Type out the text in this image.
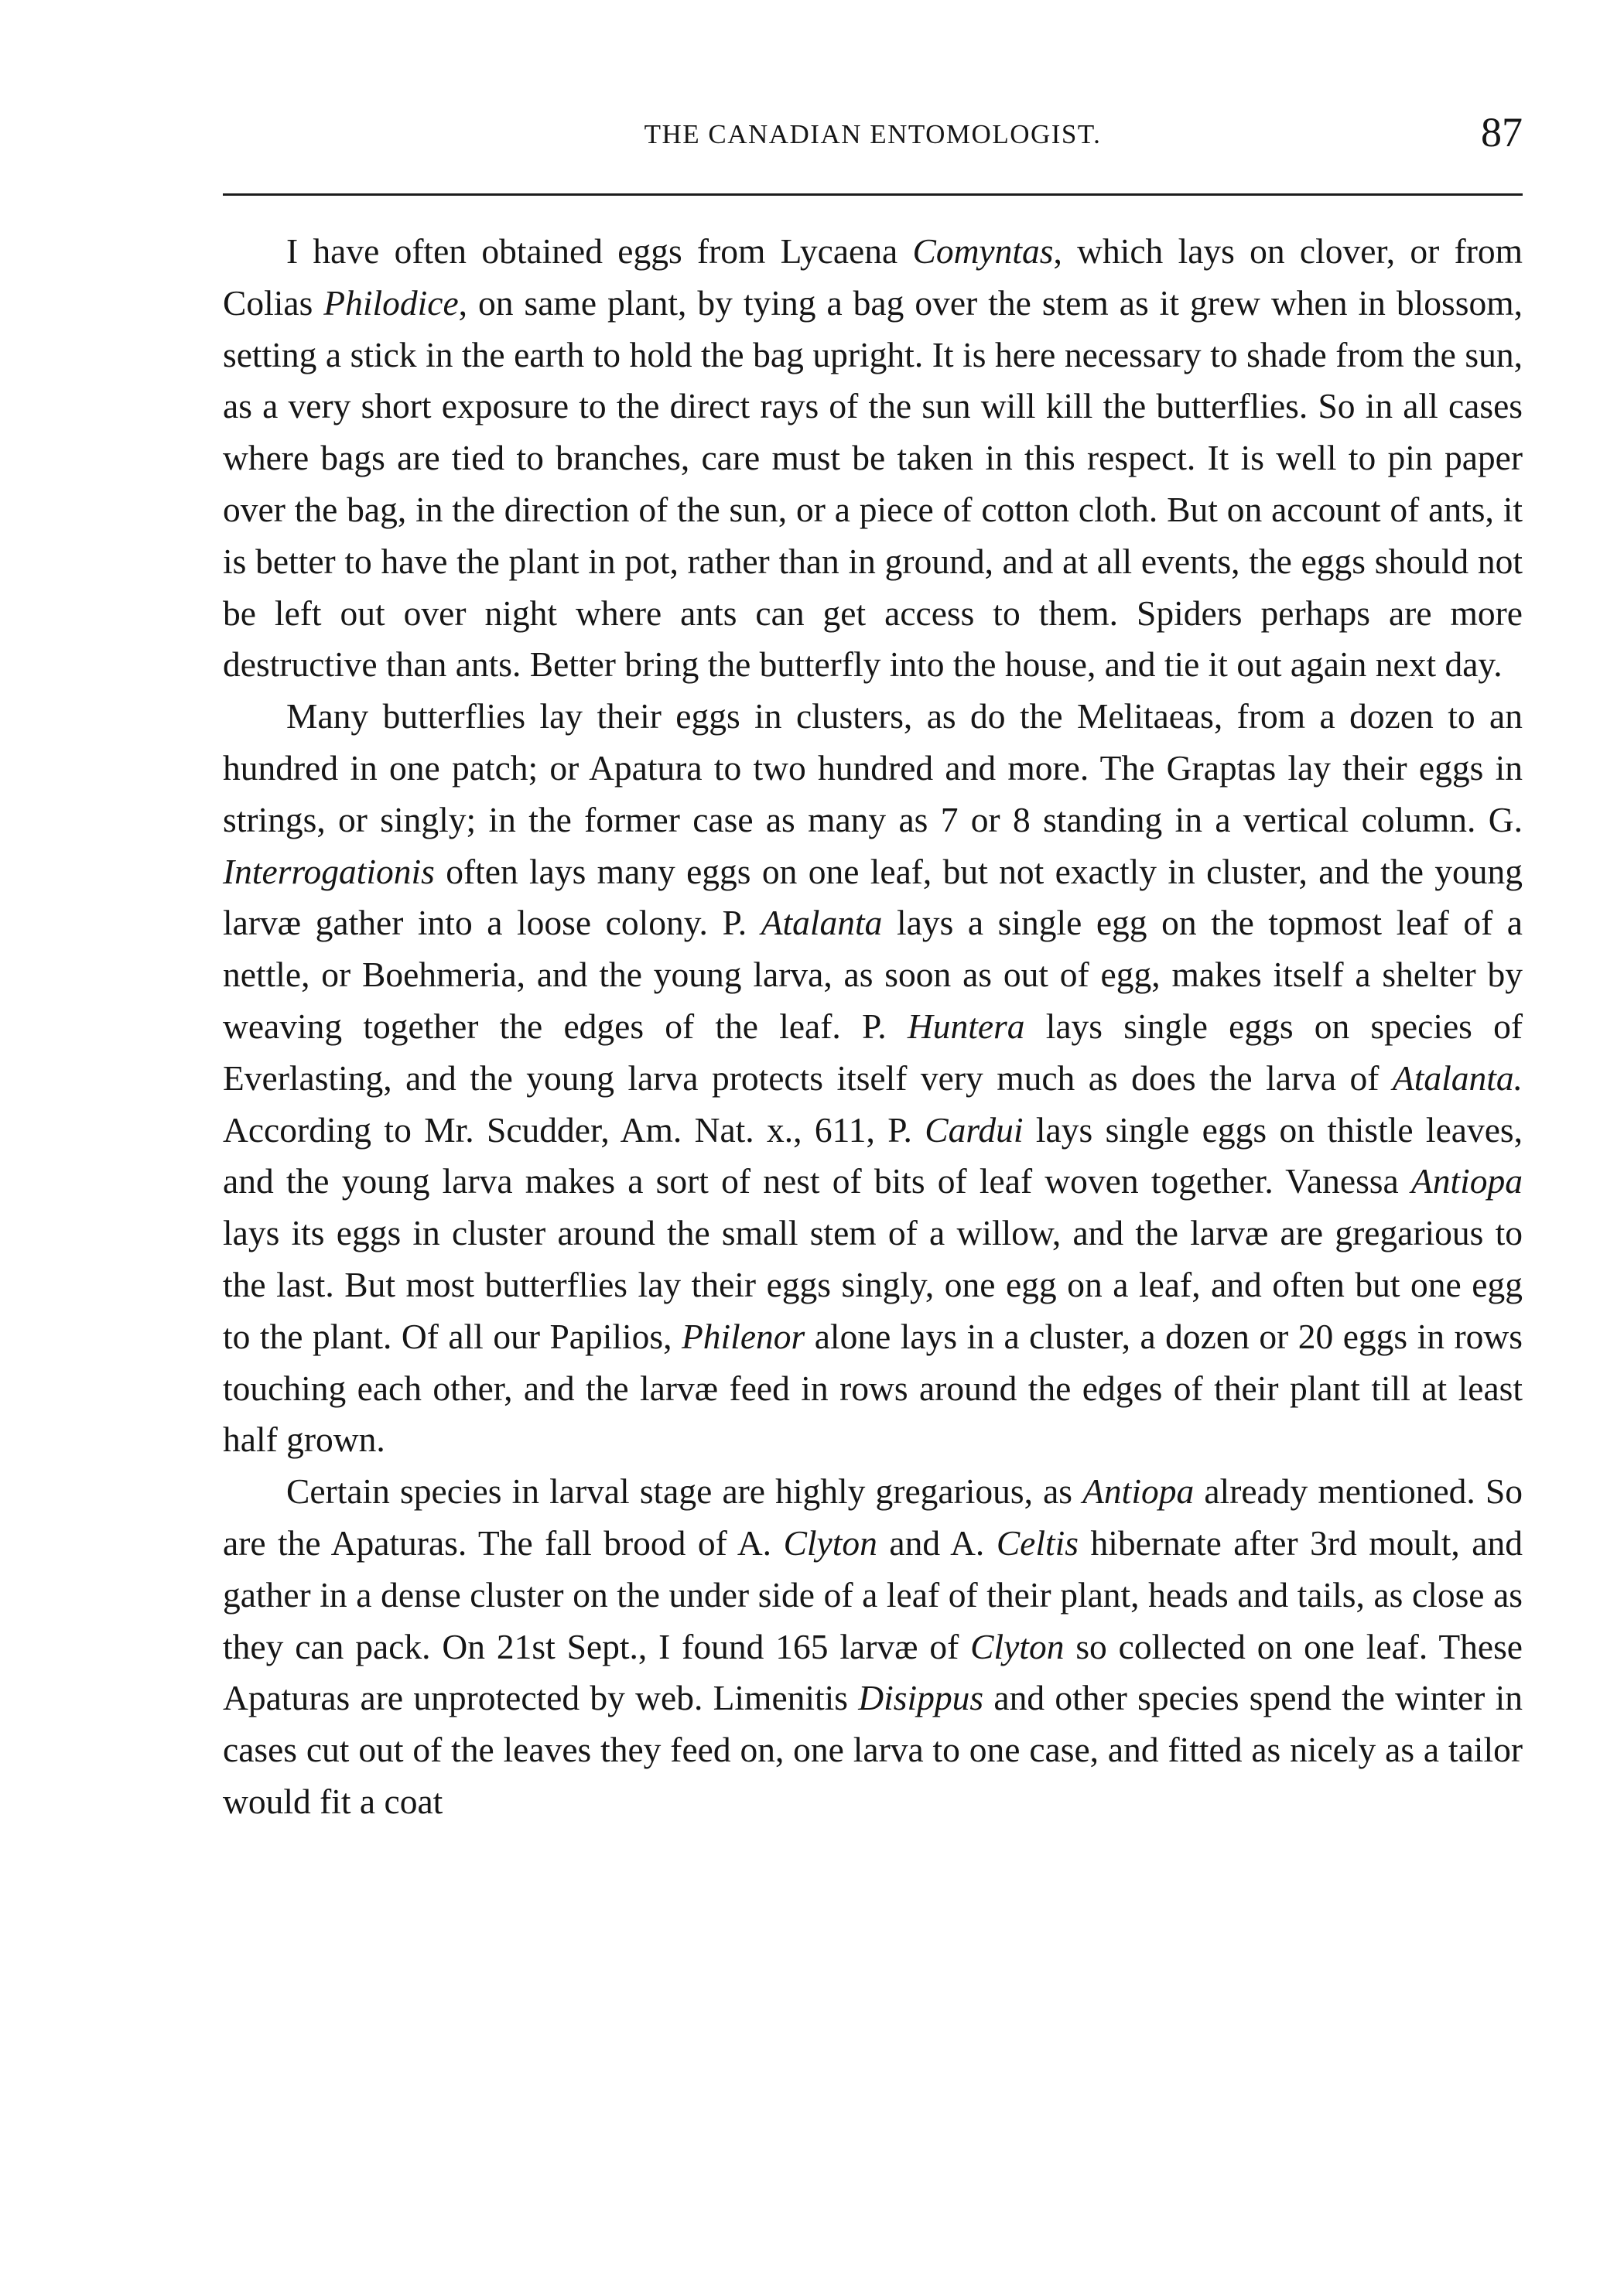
THE CANADIAN ENTOMOLOGIST.	87

I have often obtained eggs from Lycaena Comyntas, which lays on clover, or from Colias Philodice, on same plant, by tying a bag over the stem as it grew when in blossom, setting a stick in the earth to hold the bag upright. It is here necessary to shade from the sun, as a very short exposure to the direct rays of the sun will kill the butterflies. So in all cases where bags are tied to branches, care must be taken in this respect. It is well to pin paper over the bag, in the direction of the sun, or a piece of cotton cloth. But on account of ants, it is better to have the plant in pot, rather than in ground, and at all events, the eggs should not be left out over night where ants can get access to them. Spiders perhaps are more destructive than ants. Better bring the butterfly into the house, and tie it out again next day.

Many butterflies lay their eggs in clusters, as do the Melitaeas, from a dozen to an hundred in one patch; or Apatura to two hundred and more. The Graptas lay their eggs in strings, or singly; in the former case as many as 7 or 8 standing in a vertical column. G. Interrogationis often lays many eggs on one leaf, but not exactly in cluster, and the young larvæ gather into a loose colony. P. Atalanta lays a single egg on the topmost leaf of a nettle, or Boehmeria, and the young larva, as soon as out of egg, makes itself a shelter by weaving together the edges of the leaf. P. Huntera lays single eggs on species of Everlasting, and the young larva protects itself very much as does the larva of Atalanta. According to Mr. Scudder, Am. Nat. x., 611, P. Cardui lays single eggs on thistle leaves, and the young larva makes a sort of nest of bits of leaf woven together. Vanessa Antiopa lays its eggs in cluster around the small stem of a willow, and the larvæ are gregarious to the last. But most butterflies lay their eggs singly, one egg on a leaf, and often but one egg to the plant. Of all our Papilios, Philenor alone lays in a cluster, a dozen or 20 eggs in rows touching each other, and the larvæ feed in rows around the edges of their plant till at least half grown.

Certain species in larval stage are highly gregarious, as Antiopa already mentioned. So are the Apaturas. The fall brood of A. Clyton and A. Celtis hibernate after 3rd moult, and gather in a dense cluster on the under side of a leaf of their plant, heads and tails, as close as they can pack. On 21st Sept., I found 165 larvæ of Clyton so collected on one leaf. These Apaturas are unprotected by web. Limenitis Disippus and other species spend the winter in cases cut out of the leaves they feed on, one larva to one case, and fitted as nicely as a tailor would fit a coat
